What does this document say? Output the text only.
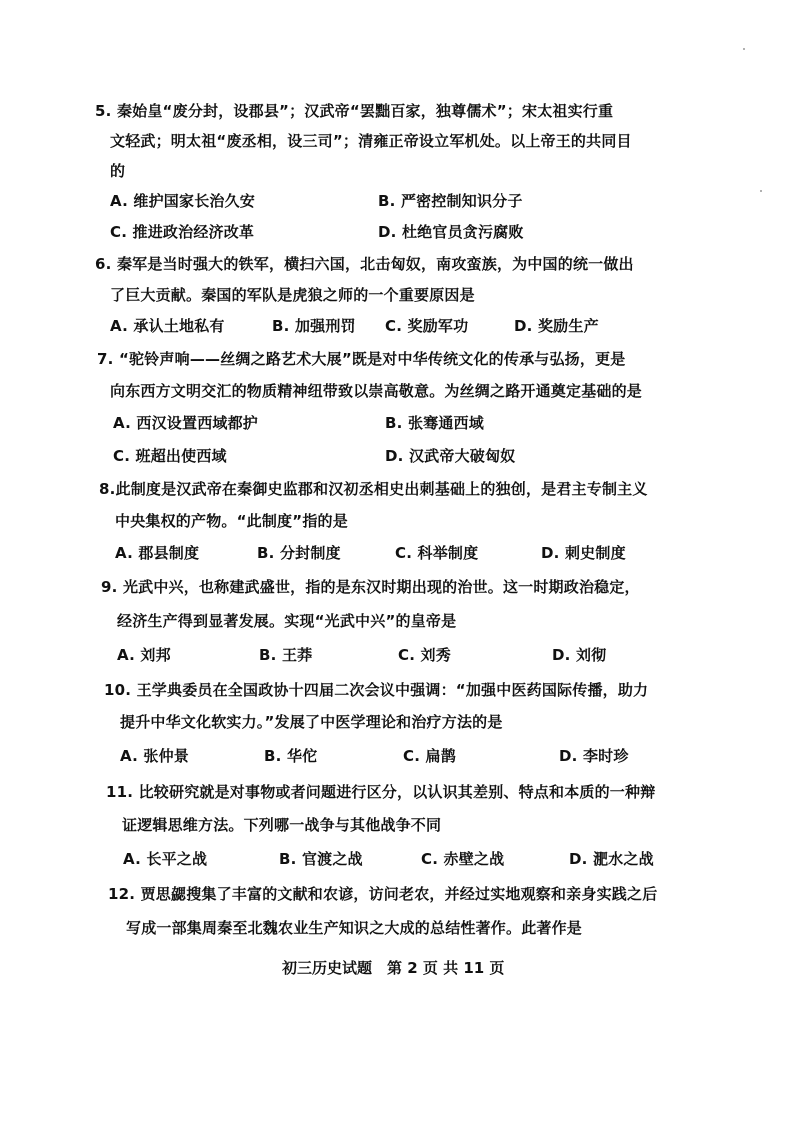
5. 秦始皇“废分封，设郡县”；汉武帝“罢黜百家，独尊儒术”；宋太祖实行重
文轻武；明太祖“废丞相，设三司”；清雍正帝设立军机处。以上帝王的共同目
的
A. 维护国家长治久安	B. 严密控制知识分子
C. 推进政治经济改革	D. 杜绝官员贪污腐败
6. 秦军是当时强大的铁军，横扫六国，北击匈奴，南攻蛮族，为中国的统一做出
了巨大贡献。秦国的军队是虎狼之师的一个重要原因是
A. 承认土地私有	B. 加强刑罚 C. 奖励军功	D. 奖励生产
7. “驼铃声响——丝绸之路艺术大展”既是对中华传统文化的传承与弘扬，更是
向东西方文明交汇的物质精神纽带致以崇高敬意。为丝绸之路开通奠定基础的是
A. 西汉设置西域都护	B. 张骞通西域
C. 班超出使西域	D. 汉武帝大破匈奴
8.此制度是汉武帝在秦御史监郡和汉初丞相史出刺基础上的独创，是君主专制主义
中央集权的产物。“此制度”指的是
A. 郡县制度	B. 分封制度	C. 科举制度	D. 刺史制度
9. 光武中兴，也称建武盛世，指的是东汉时期出现的治世。这一时期政治稳定，
经济生产得到显著发展。实现“光武中兴”的皇帝是
A. 刘邦	B. 王莽	C. 刘秀	D. 刘彻
10. 王学典委员在全国政协十四届二次会议中强调：“加强中医药国际传播，助力
提升中华文化软实力。”发展了中医学理论和治疗方法的是
A. 张仲景	B. 华佗	C. 扁鹊	D. 李时珍
11. 比较研究就是对事物或者问题进行区分，以认识其差别、特点和本质的一种辩
证逻辑思维方法。下列哪一战争与其他战争不同
A. 长平之战	B. 官渡之战	C. 赤壁之战	D. 淝水之战
12. 贾思勰搜集了丰富的文献和农谚，访问老农，并经过实地观察和亲身实践之后
写成一部集周秦至北魏农业生产知识之大成的总结性著作。此著作是
初三历史试题　第 2 页 共 11 页
